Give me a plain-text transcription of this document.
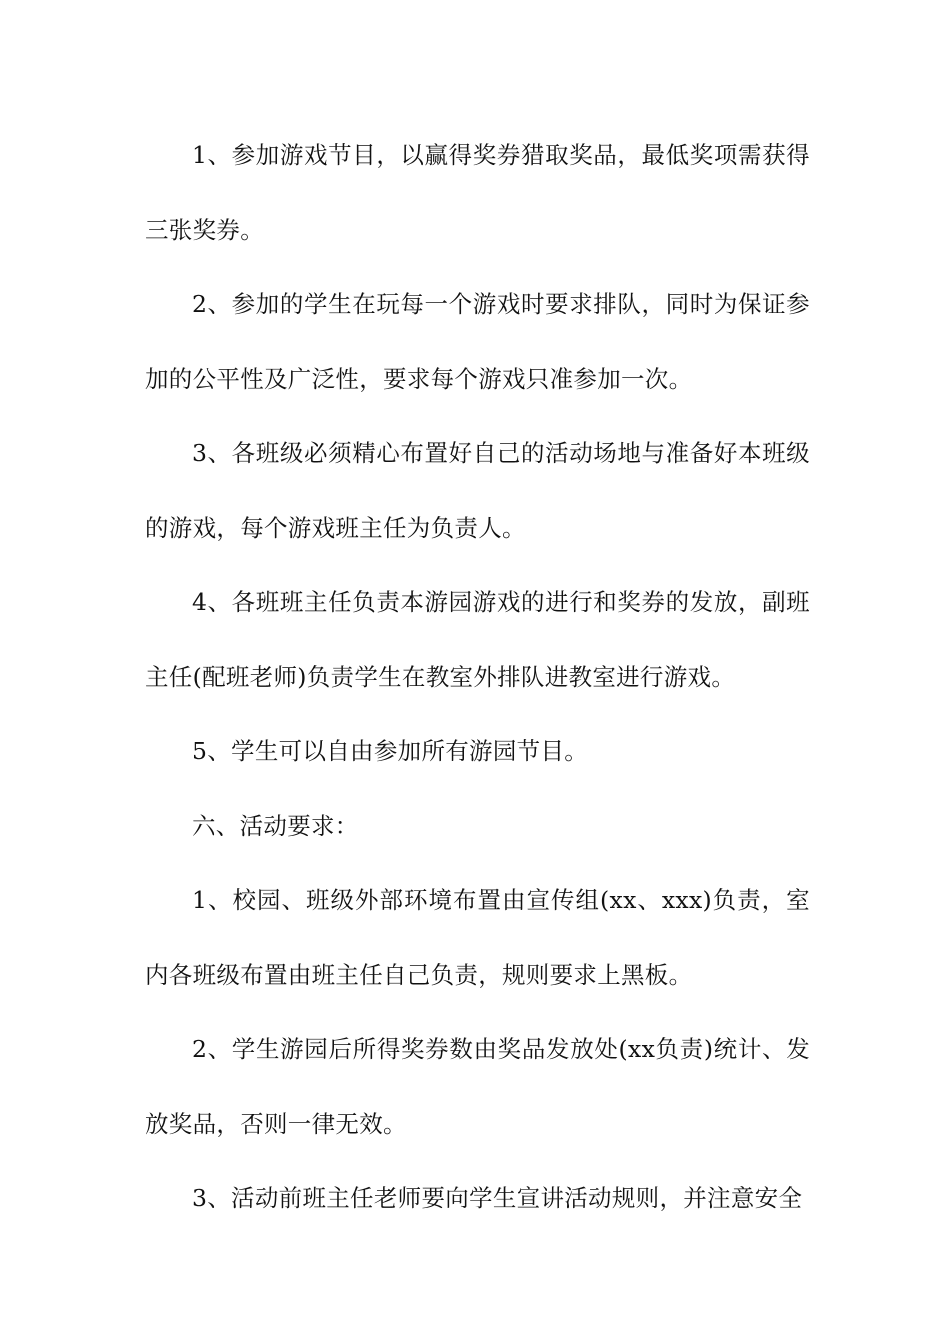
1、参加游戏节目，以赢得奖券猎取奖品，最低奖项需获得三张奖券。

2、参加的学生在玩每一个游戏时要求排队，同时为保证参加的公平性及广泛性，要求每个游戏只准参加一次。

3、各班级必须精心布置好自己的活动场地与准备好本班级的游戏，每个游戏班主任为负责人。

4、各班班主任负责本游园游戏的进行和奖券的发放，副班主任(配班老师)负责学生在教室外排队进教室进行游戏。

5、学生可以自由参加所有游园节目。

六、活动要求：

1、校园、班级外部环境布置由宣传组(xx、xxx)负责，室内各班级布置由班主任自己负责，规则要求上黑板。

2、学生游园后所得奖券数由奖品发放处(xx负责)统计、发放奖品，否则一律无效。

3、活动前班主任老师要向学生宣讲活动规则，并注意安全
